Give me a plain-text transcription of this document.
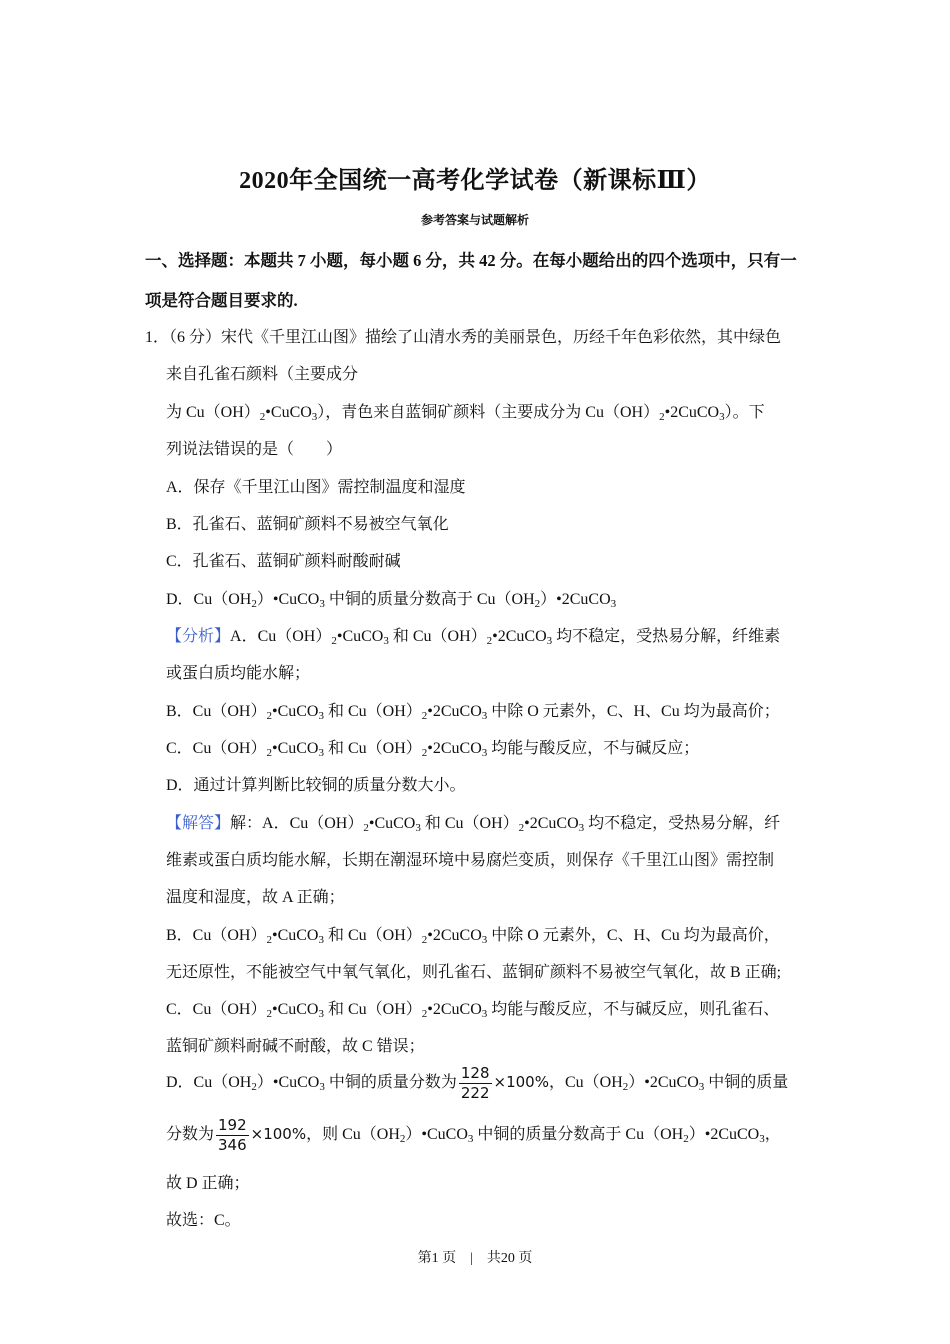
2020年全国统一高考化学试卷（新课标Ⅲ）
参考答案与试题解析
一、选择题：本题共 7 小题，每小题 6 分，共 42 分。在每小题给出的四个选项中，只有一
项是符合题目要求的.
1．（6 分）宋代《千里江山图》描绘了山清水秀的美丽景色，历经千年色彩依然，其中绿色
来自孔雀石颜料（主要成分
为 $Cu(OH)_2•CuCO_3$），青色来自蓝铜矿颜料（主要成分为 $Cu(OH)_2•2CuCO_3$）。下
列说法错误的是（　　）
A．保存《千里江山图》需控制温度和湿度
B．孔雀石、蓝铜矿颜料不易被空气氧化
C．孔雀石、蓝铜矿颜料耐酸耐碱
D．$Cu(OH_2)•CuCO_3$ 中铜的质量分数高于 $Cu(OH_2)•2CuCO_3$
【分析】A．$Cu(OH)_2•CuCO_3$ 和 $Cu(OH)_2•2CuCO_3$ 均不稳定，受热易分解，纤维素
或蛋白质均能水解；
B．$Cu(OH)_2•CuCO_3$ 和 $Cu(OH)_2•2CuCO_3$ 中除 O 元素外，C、H、Cu 均为最高价；
C．$Cu(OH)_2•CuCO_3$ 和 $Cu(OH)_2•2CuCO_3$ 均能与酸反应，不与碱反应；
D．通过计算判断比较铜的质量分数大小。
【解答】解：A．$Cu(OH)_2•CuCO_3$ 和 $Cu(OH)_2•2CuCO_3$ 均不稳定，受热易分解，纤
维素或蛋白质均能水解，长期在潮湿环境中易腐烂变质，则保存《千里江山图》需控制
温度和湿度，故 A 正确；
B．$Cu(OH)_2•CuCO_3$ 和 $Cu(OH)_2•2CuCO_3$ 中除 O 元素外，C、H、Cu 均为最高价，
无还原性，不能被空气中氧气氧化，则孔雀石、蓝铜矿颜料不易被空气氧化，故 B 正确;
C．$Cu(OH)_2•CuCO_3$ 和 $Cu(OH)_2•2CuCO_3$ 均能与酸反应，不与碱反应，则孔雀石、
蓝铜矿颜料耐碱不耐酸，故 C 错误；
D．$Cu(OH_2)•CuCO_3$ 中铜的质量分数为 $\frac{128}{222} \times 100\%$，$Cu(OH_2)•2CuCO_3$ 中铜的质量
分数为 $\frac{192}{346} \times 100\%$，则 $Cu(OH_2)•CuCO_3$ 中铜的质量分数高于 $Cu(OH_2)•2CuCO_3$，
故 D 正确；
故选：C。
第1 页　|　共20 页
